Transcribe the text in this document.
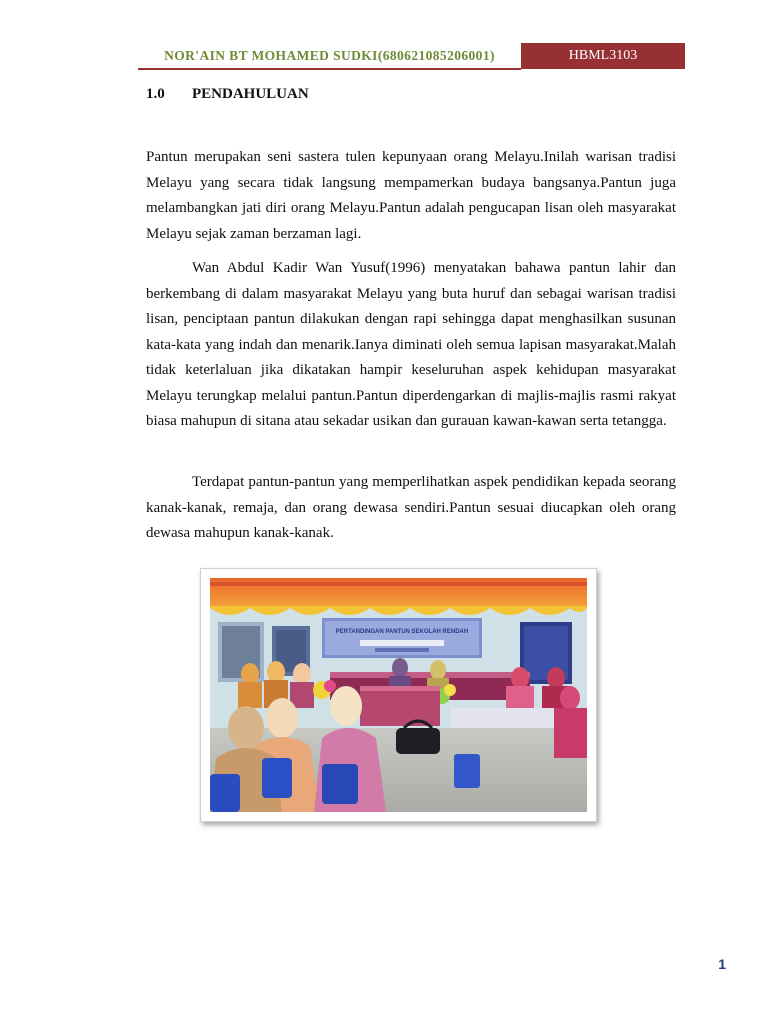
NOR'AIN BT MOHAMED SUDKI(680621085206001)	HBML3103
1.0 PENDAHULUAN

Pantun merupakan seni sastera tulen kepunyaan orang Melayu.Inilah warisan tradisi Melayu yang secara tidak langsung mempamerkan budaya bangsanya.Pantun juga melambangkan jati diri orang Melayu.Pantun adalah pengucapan lisan oleh masyarakat Melayu sejak zaman berzaman lagi.

Wan Abdul Kadir Wan Yusuf(1996) menyatakan bahawa pantun lahir dan berkembang di dalam masyarakat Melayu yang buta huruf dan sebagai warisan tradisi lisan, penciptaan pantun dilakukan dengan rapi sehingga dapat menghasilkan susunan kata-kata yang indah dan menarik.Ianya diminati oleh semua lapisan masyarakat.Malah tidak keterlaluan jika dikatakan hampir keseluruhan aspek kehidupan masyarakat Melayu terungkap melalui pantun.Pantun diperdengarkan di majlis-majlis rasmi rakyat biasa mahupun di sitana atau sekadar usikan dan gurauan kawan-kawan serta tetangga.

Terdapat pantun-pantun yang memperlihatkan aspek pendidikan kepada seorang kanak-kanak, remaja, dan orang dewasa sendiri.Pantun sesuai diucapkan oleh orang dewasa mahupun kanak-kanak.

PERTANDINGAN PANTUN SEKOLAH RENDAH
1
